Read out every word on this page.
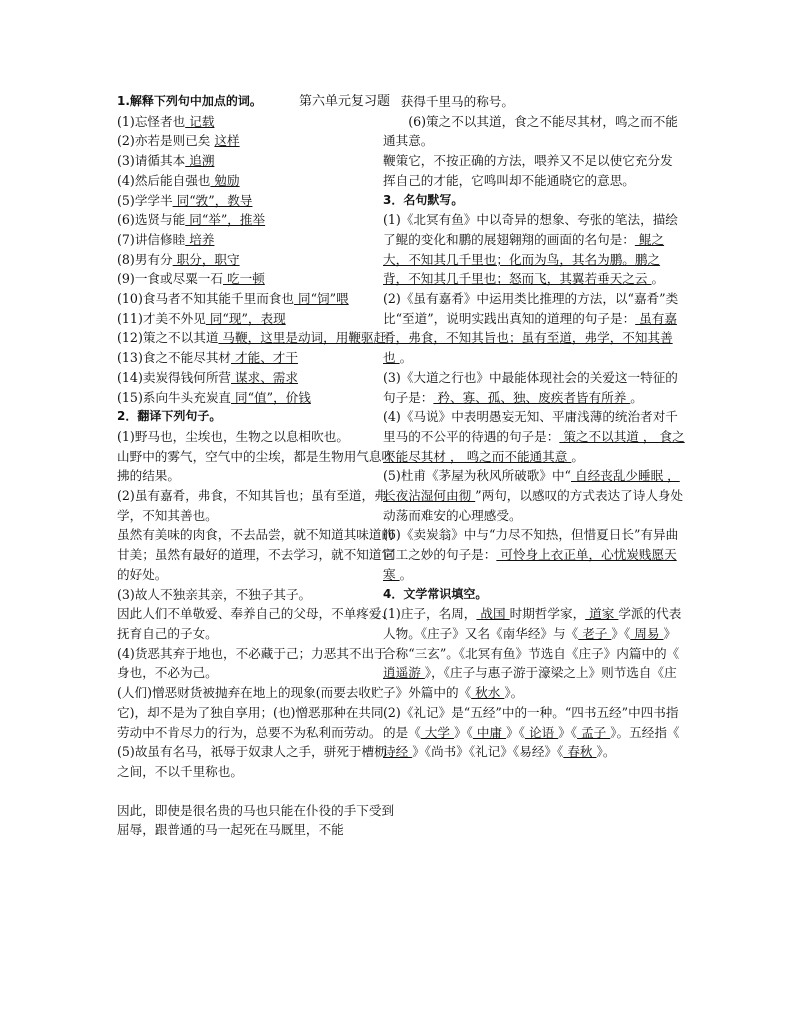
第六单元复习题

1.解释下列句中加点的词。

(1)忘怪者也 记载

(2)亦若是则已矣 这样

(3)请循其本 追溯

(4)然后能自强也 勉励

(5)学学半 同“敩”，教导

(6)选贤与能 同“举”，推举

(7)讲信修睦 培养

(8)男有分 职分，职守

(9)一食或尽粟一石 吃一顿

(10)食马者不知其能千里而食也 同“饲”喂

(11)才美不外见 同“现”，表现

(12)策之不以其道 马鞭，这里是动词，用鞭驱赶

(13)食之不能尽其材 才能、才干

(14)卖炭得钱何所营 谋求、需求

(15)系向牛头充炭直 同“值”，价钱

2．翻译下列句子。

(1)野马也，尘埃也，生物之以息相吹也。

山野中的雾气，空气中的尘埃，都是生物用气息吹拂的结果。

(2)虽有嘉肴，弗食，不知其旨也；虽有至道，弗学，不知其善也。

虽然有美味的肉食，不去品尝，就不知道其味道的甘美；虽然有最好的道理，不去学习，就不知道它的好处。

(3)故人不独亲其亲，不独子其子。

因此人们不单敬爱、奉养自己的父母，不单疼爱、抚育自己的子女。

(4)货恶其弃于地也，不必藏于己；力恶其不出于身也，不必为己。

(人们)憎恶财货被抛弃在地上的现象(而要去收贮它)，却不是为了独自享用；(也)憎恶那种在共同劳动中不肯尽力的行为，总要不为私利而劳动。

(5)故虽有名马，祇辱于奴隶人之手，骈死于槽枥之间，不以千里称也。

因此，即使是很名贵的马也只能在仆役的手下受到屈辱，跟普通的马一起死在马厩里，不能

获得千里马的称号。

(6)策之不以其道，食之不能尽其材，鸣之而不能通其意。

鞭策它，不按正确的方法，喂养又不足以使它充分发挥自己的才能，它鸣叫却不能通晓它的意思。

3．名句默写。

(1)《北冥有鱼》中以奇异的想象、夸张的笔法，描绘了鲲的变化和鹏的展翅翱翔的画面的名句是： 鲲之大，不知其几千里也；化而为鸟，其名为鹏。鹏之背，不知其几千里也；怒而飞，其翼若垂天之云 。

(2)《虽有嘉肴》中运用类比推理的方法，以“嘉肴”类比“至道”，说明实践出真知的道理的句子是： 虽有嘉肴，弗食，不知其旨也；虽有至道，弗学，不知其善也 。

(3)《大道之行也》中最能体现社会的关爱这一特征的句子是： 矜、寡、孤、独、废疾者皆有所养 。

(4)《马说》中表明愚妄无知、平庸浅薄的统治者对千里马的不公平的待遇的句子是： 策之不以其道 ， 食之不能尽其材 ， 鸣之而不能通其意 。

(5)杜甫《茅屋为秋风所破歌》中“ 自经丧乱少睡眠 ， 长夜沾湿何由彻 ”两句，以感叹的方式表达了诗人身处动荡而难安的心理感受。

(6)《卖炭翁》中与“力尽不知热，但惜夏日长”有异曲同工之妙的句子是： 可怜身上衣正单，心忧炭贱愿天寒 。

4．文学常识填空。

(1)庄子，名周， 战国 时期哲学家， 道家 学派的代表人物。《庄子》又名《南华经》与《 老子 》《 周易 》合称“三玄”。《北冥有鱼》节选自《庄子》内篇中的《 逍遥游 》，《庄子与惠子游于濠梁之上》则节选自《庄子》外篇中的《 秋水 》。

(2)《礼记》是“五经”中的一种。“四书五经”中四书指的是《 大学 》《 中庸 》《 论语 》《 孟子 》。五经指《 诗经 》《尚书》《礼记》《易经》《 春秋 》。
